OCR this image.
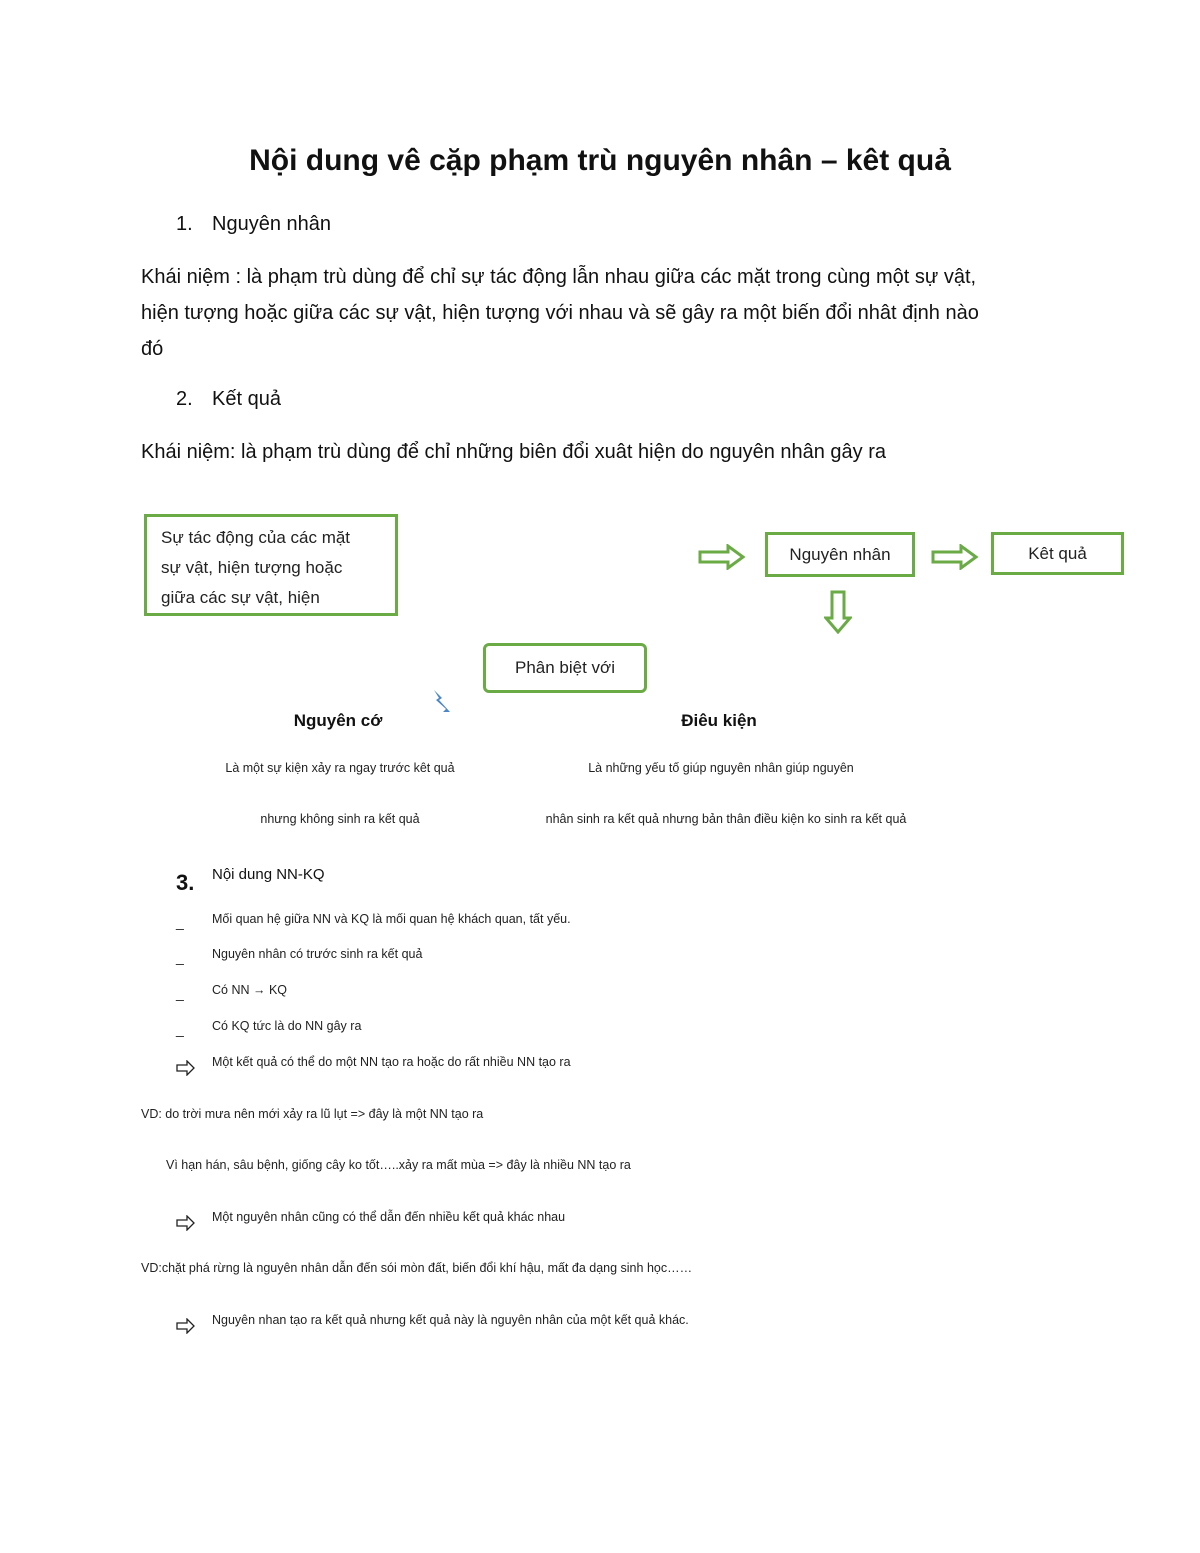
Nội dung vê cặp phạm trù nguyên nhân – kêt quả
1. Nguyên nhân
Khái niệm : là phạm trù dùng để chỉ sự tác động lẫn nhau giữa các mặt trong cùng một sự vật,
hiện tượng hoặc giữa các sự vật, hiện tượng với nhau và sẽ gây ra một biến đổi nhât định nào
đó
2. Kết quả
Khái niệm: là phạm trù dùng để chỉ những biên đổi xuât hiện do nguyên nhân gây ra
Sự tác động của các mặt
sự vật, hiện tượng hoặc
giữa các sự vật, hiện
Nguyên nhân	Kêt quả
Phân biệt với
Nguyên cớ	Điêu kiện
Là một sự kiện xảy ra ngay trước kêt quả
nhưng không sinh ra kết quả
Là những yếu tố giúp nguyên nhân giúp nguyên
nhân sinh ra kết quả nhưng bản thân điều kiện ko sinh ra kết quả
3. Nội dung NN-KQ
_ Mối quan hệ giữa NN và KQ là mối quan hệ khách quan, tất yếu.
_ Nguyên nhân có trước sinh ra kết quả
_ Có NN → KQ
_ Có KQ tức là do NN gây ra
Một kết quả có thể do một NN tạo ra hoặc do rất nhiều NN tạo ra
VD: do trời mưa nên mới xảy ra lũ lụt => đây là một NN tạo ra
Vì hạn hán, sâu bệnh, giống cây ko tốt…..xảy ra mất mùa => đây là nhiều NN tạo ra
Một nguyên nhân cũng có thể dẫn đến nhiều kết quả khác nhau
VD:chặt phá rừng là nguyên nhân dẫn đến sói mòn đất, biến đổi khí hậu, mất đa dạng sinh học……
Nguyên nhan tạo ra kết quả nhưng kết quả này là nguyên nhân của một kết quả khác.
